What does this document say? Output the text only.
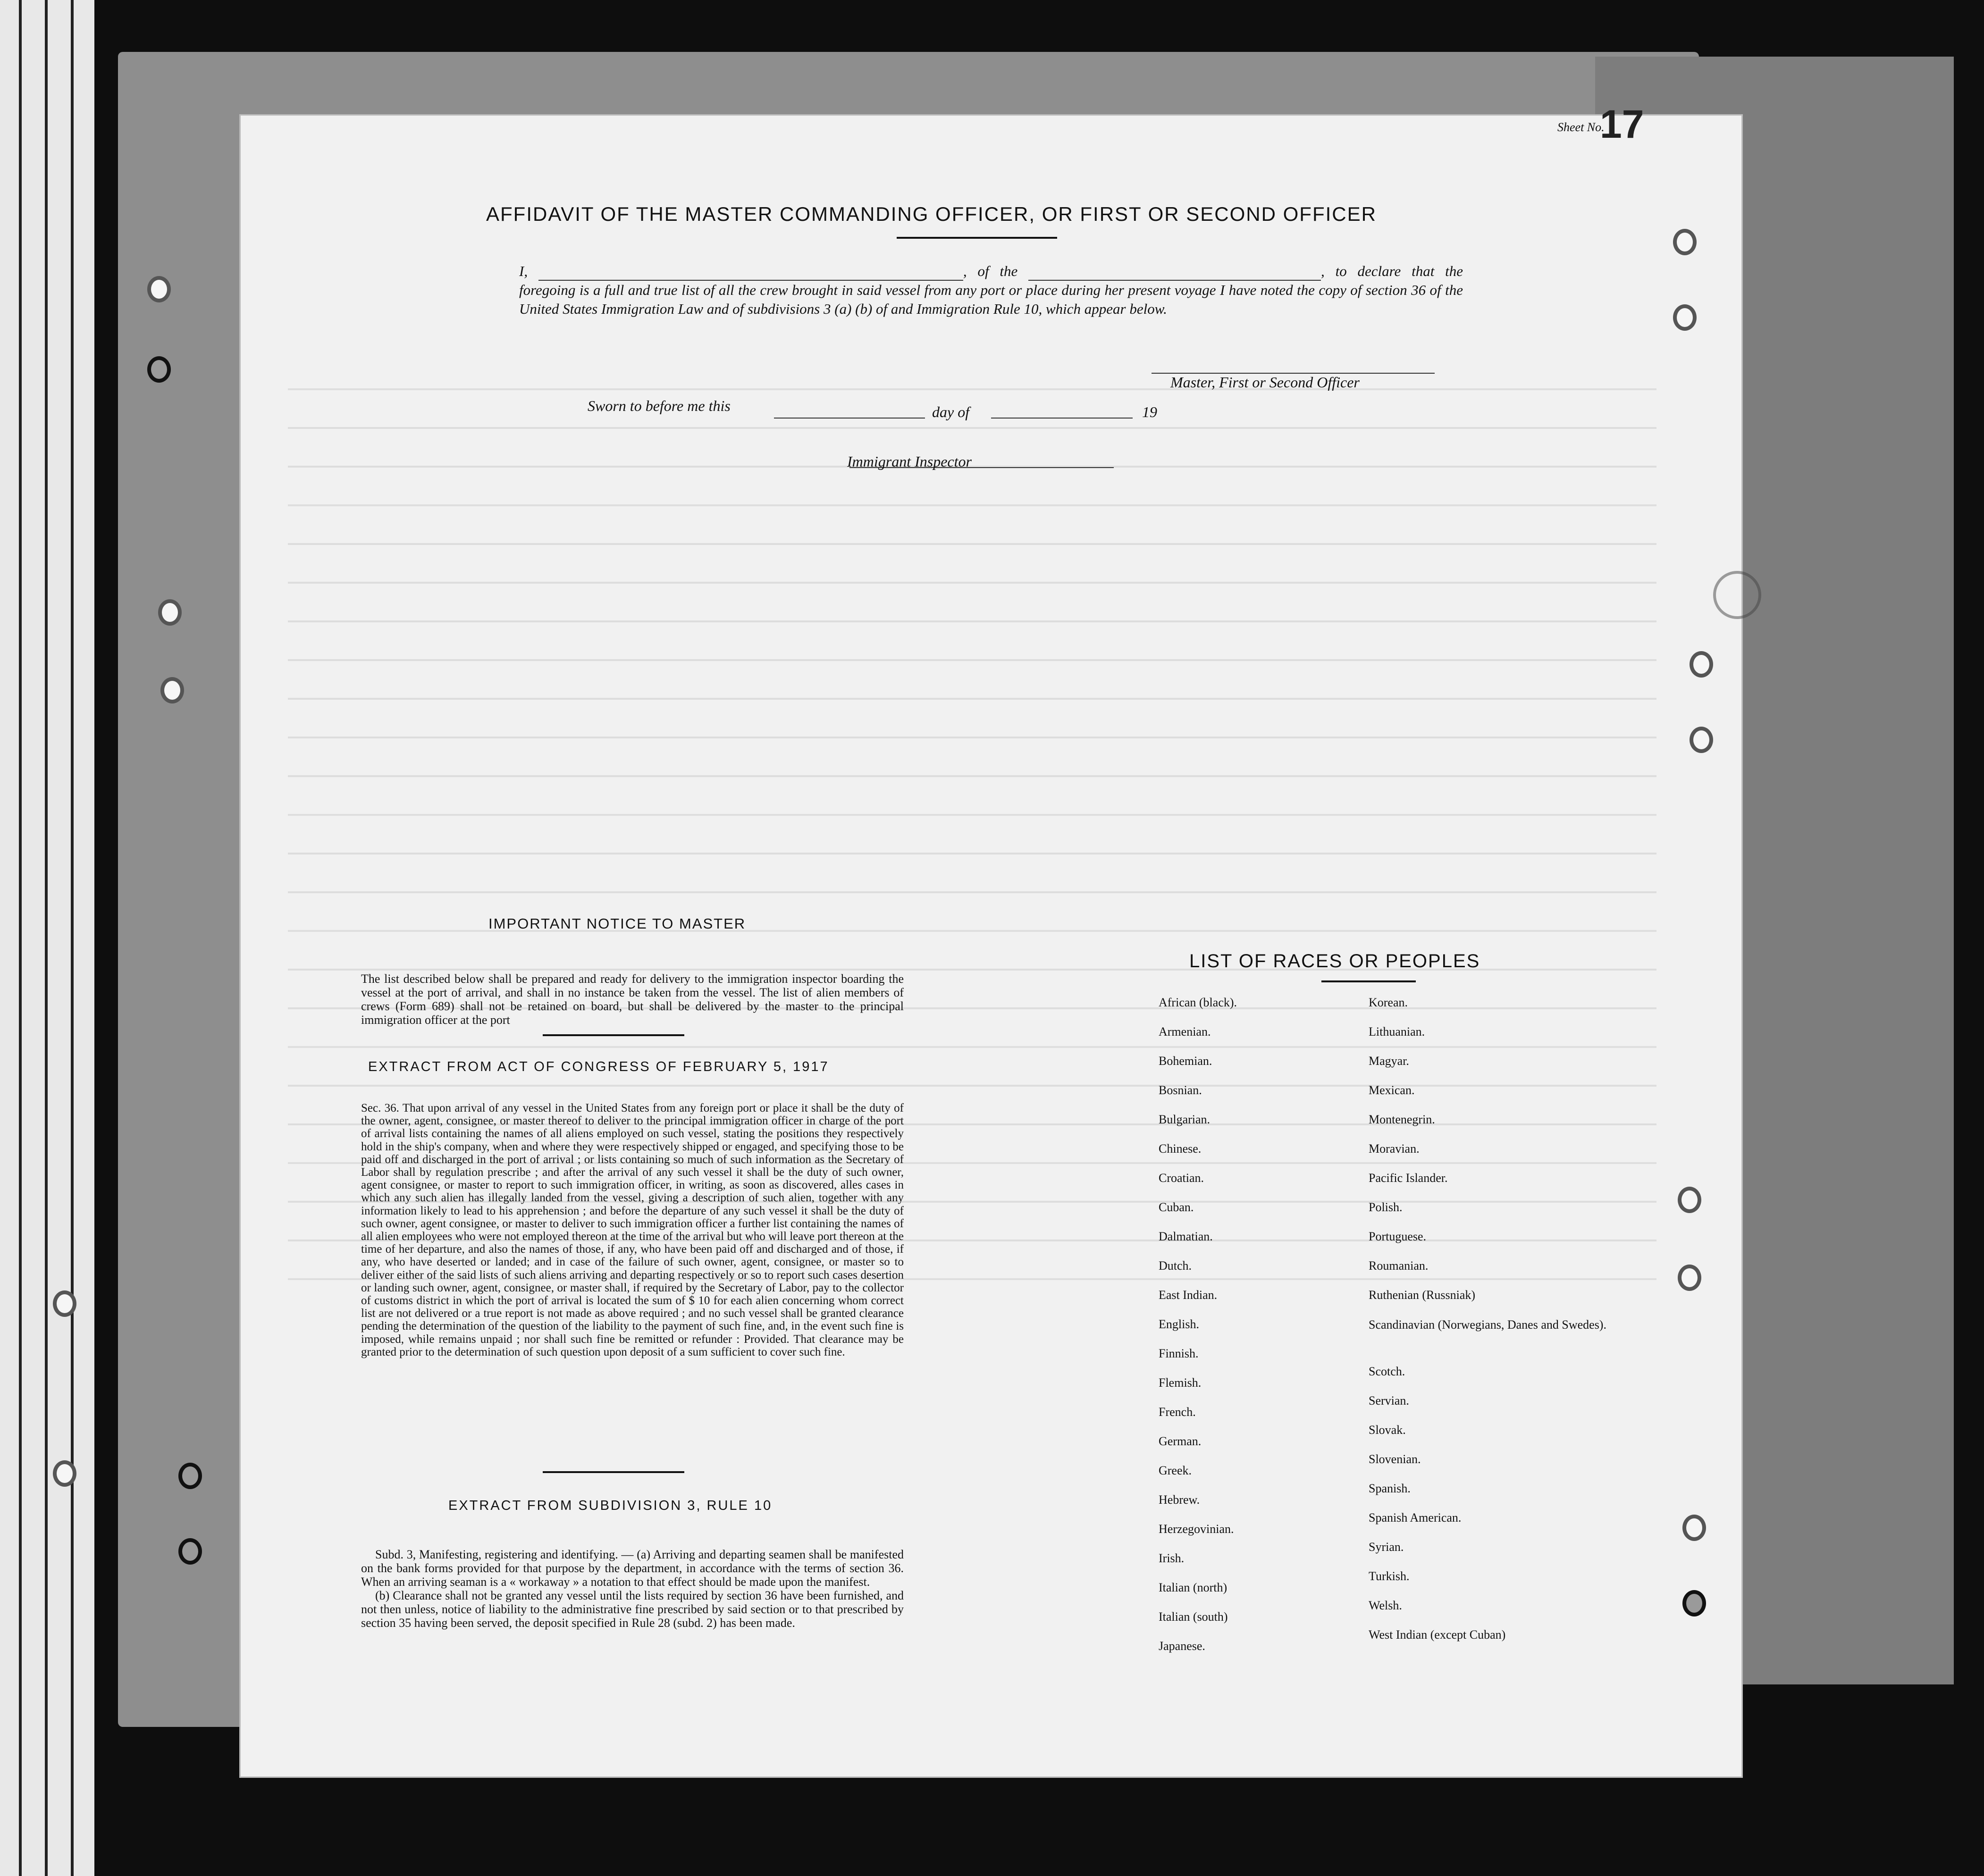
Sheet No.
17
AFFIDAVIT OF THE MASTER COMMANDING OFFICER, OR FIRST OR SECOND OFFICER
I,	, of the	, to declare that the foregoing is a full and true list of all the crew brought in said vessel from any port or place during her present voyage I have noted the copy of section 36 of the United States Immigration Law and of subdivisions 3 (a) (b) of and Immigration Rule 10, which appear below.
Master, First or Second Officer
Sworn to before me this	day of	19
Immigrant Inspector
IMPORTANT NOTICE TO MASTER
The list described below shall be prepared and ready for delivery to the immigration inspector boarding the vessel at the port of arrival, and shall in no instance be taken from the vessel. The list of alien members of crews (Form 689) shall not be retained on board, but shall be delivered by the master to the principal immigration officer at the port
EXTRACT FROM ACT OF CONGRESS OF FEBRUARY 5, 1917
Sec. 36. That upon arrival of any vessel in the United States from any foreign port or place it shall be the duty of the owner, agent, consignee, or master thereof to deliver to the principal immigration officer in charge of the port of arrival lists containing the names of all aliens employed on such vessel, stating the positions they respectively hold in the ship's company, when and where they were respectively shipped or engaged, and specifying those to be paid off and discharged in the port of arrival ; or lists containing so much of such information as the Secretary of Labor shall by regulation prescribe ; and after the arrival of any such vessel it shall be the duty of such owner, agent consignee, or master to report to such immigration officer, in writing, as soon as discovered, alles cases in which any such alien has illegally landed from the vessel, giving a description of such alien, together with any information likely to lead to his apprehension ; and before the departure of any such vessel it shall be the duty of such owner, agent consignee, or master to deliver to such immigration officer a further list containing the names of all alien employees who were not employed thereon at the time of the arrival but who will leave port thereon at the time of her departure, and also the names of those, if any, who have been paid off and discharged and of those, if any, who have deserted or landed; and in case of the failure of such owner, agent, consignee, or master so to deliver either of the said lists of such aliens arriving and departing respectively or so to report such cases desertion or landing such owner, agent, consignee, or master shall, if required by the Secretary of Labor, pay to the collector of customs district in which the port of arrival is located the sum of $ 10 for each alien concerning whom correct list are not delivered or a true report is not made as above required ; and no such vessel shall be granted clearance pending the determination of the question of the liability to the payment of such fine, and, in the event such fine is imposed, while remains unpaid ; nor shall such fine be remitted or refunder : Provided. That clearance may be granted prior to the determination of such question upon deposit of a sum sufficient to cover such fine.
EXTRACT FROM SUBDIVISION 3, RULE 10

Subd. 3, Manifesting, registering and identifying. — (a) Arriving and departing seamen shall be manifested on the bank forms provided for that purpose by the department, in accordance with the terms of section 36. When an arriving seaman is a « workaway » a notation to that effect should be made upon the manifest.

(b) Clearance shall not be granted any vessel until the lists required by section 36 have been furnished, and not then unless, notice of liability to the administrative fine prescribed by said section or to that prescribed by section 35 having been served, the deposit specified in Rule 28 (subd. 2) has been made.

LIST OF RACES OR PEOPLES
African (black).
Armenian.
Bohemian.
Bosnian.
Bulgarian.
Chinese.
Croatian.
Cuban.
Dalmatian.
Dutch.
East Indian.
English.
Finnish.
Flemish.
French.
German.
Greek.
Hebrew.
Herzegovinian.
Irish.
Italian (north)
Italian (south)
Japanese.
Korean.
Lithuanian.
Magyar.
Mexican.
Montenegrin.
Moravian.
Pacific Islander.
Polish.
Portuguese.
Roumanian.
Ruthenian (Russniak)
Scandinavian (Norwegians, Danes and Swedes).
Scotch.
Servian.
Slovak.
Slovenian.
Spanish.
Spanish American.
Syrian.
Turkish.
Welsh.
West Indian (except Cuban)
